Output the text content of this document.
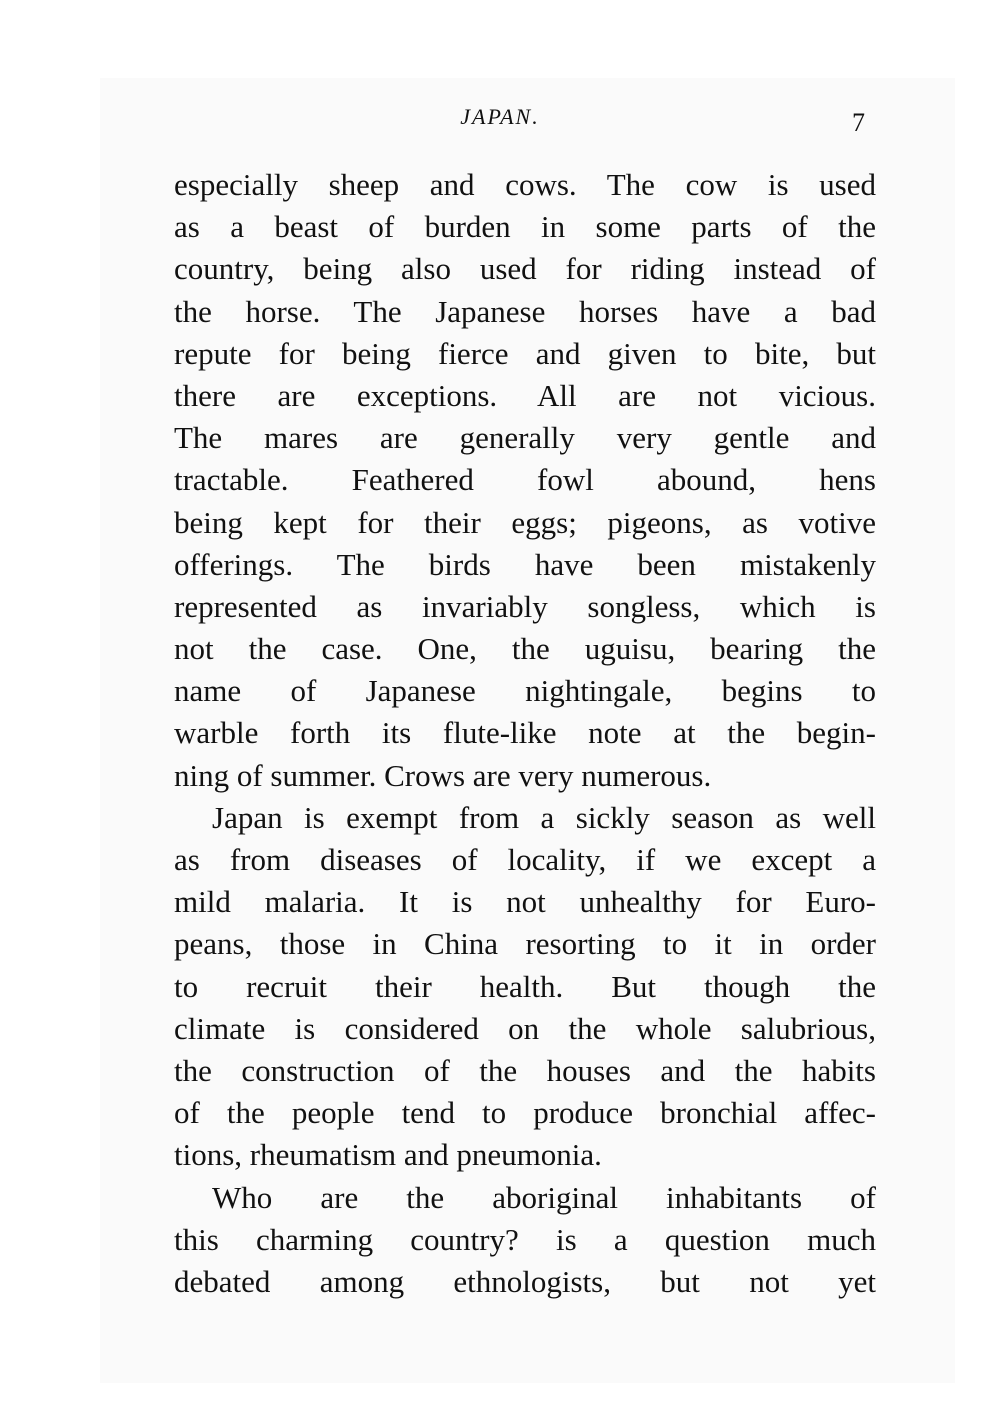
JAPAN.	7
especially sheep and cows. The cow is used
as a beast of burden in some parts of the
country, being also used for riding instead of
the horse. The Japanese horses have a bad
repute for being fierce and given to bite, but
there are exceptions. All are not vicious.
The mares are generally very gentle and
tractable. Feathered fowl abound, hens
being kept for their eggs; pigeons, as votive
offerings. The birds have been mistakenly
represented as invariably songless, which is
not the case. One, the uguisu, bearing the
name of Japanese nightingale, begins to
warble forth its flute-like note at the begin-
ning of summer. Crows are very numerous.
Japan is exempt from a sickly season as well
as from diseases of locality, if we except a
mild malaria. It is not unhealthy for Euro-
peans, those in China resorting to it in order
to recruit their health. But though the
climate is considered on the whole salubrious,
the construction of the houses and the habits
of the people tend to produce bronchial affec-
tions, rheumatism and pneumonia.
Who are the aboriginal inhabitants of
this charming country? is a question much
debated among ethnologists, but not yet
